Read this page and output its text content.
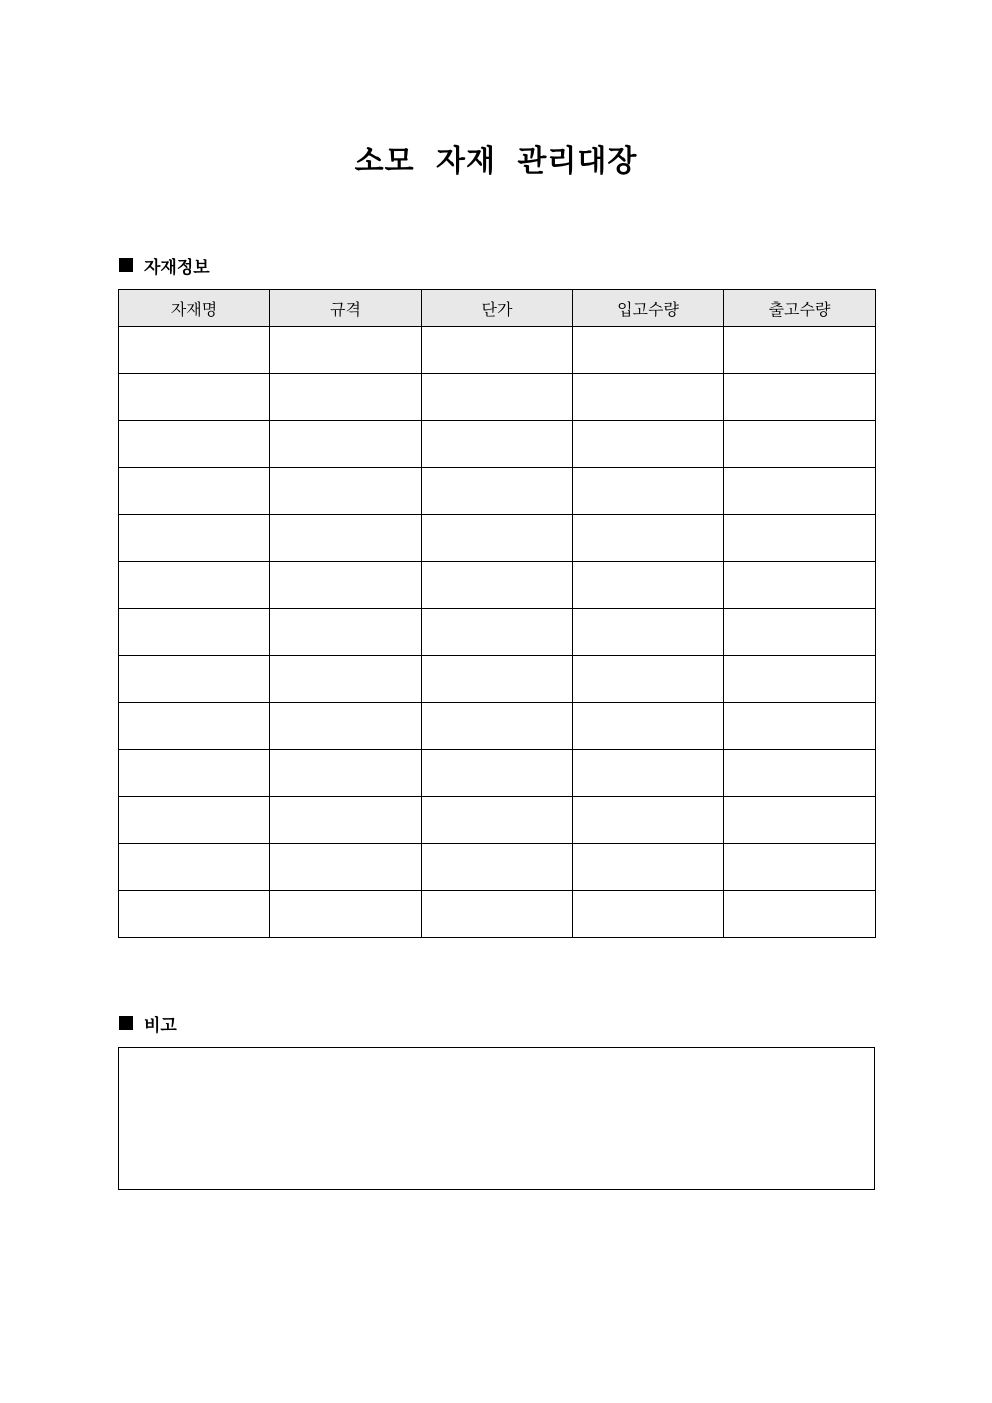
소모 자재 관리대장
자재정보
자재명	규격	단가	입고수량	출고수량

비고
